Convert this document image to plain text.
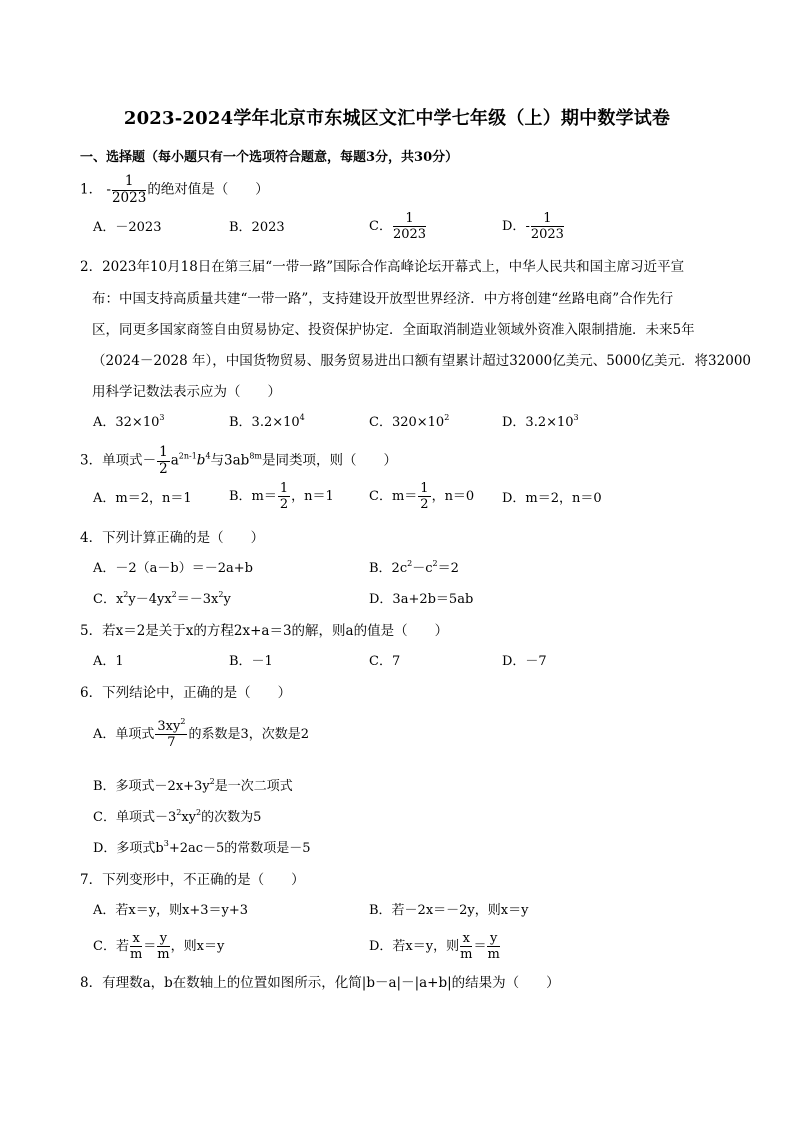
2023-2024学年北京市东城区文汇中学七年级（上）期中数学试卷
一、选择题（每小题只有一个选项符合题意，每题3分，共30分）
1． - $\frac{1}{2023}$ 的绝对值是（　　）
A．－2023	B．2023	C． $\frac{1}{2023}$	D．- $\frac{1}{2023}$
2．2023年10月18日在第三届“一带一路”国际合作高峰论坛开幕式上，中华人民共和国主席习近平宣
布：中国支持高质量共建“一带一路”，支持建设开放型世界经济．中方将创建“丝路电商”合作先行
区，同更多国家商签自由贸易协定、投资保护协定．全面取消制造业领域外资准入限制措施．未来5年
（2024－2028 年），中国货物贸易、服务贸易进出口额有望累计超过32000亿美元、5000亿美元．将32000
用科学记数法表示应为（　　）
A．$32\times 10^3$	B．$3.2\times 10^4$	C．$320\times 10^2$	D．$3.2\times 10^3$
3．单项式－ $\frac{1}{2} a^{2n-1}b^4$与$3ab^{8m}$是同类项，则（　　）
A．m＝2，n＝1	B．$m= \frac{1}{2}$ ，n＝1	C．$m= \frac{1}{2}$ ，n＝0 D．m＝2，n＝0
4．下列计算正确的是（　　）
A．－2（a－b）＝－2a+b	B．$2c^2-c^2=2$
C．$x^2y-4yx^2=-3x^2y$	D．3a+2b＝5ab
5．若x＝2是关于x的方程2x+a＝3的解，则a的值是（　　）
A．1	B．－1	C．7	D．－7
6．下列结论中，正确的是（　　）
A．单项式 $\frac{3xy^2}{7}$ 的系数是3，次数是2
B．多项式$-2x+3y^2$是一次二项式
C．单项式$-3^2xy^2$的次数为5
D．多项式$b^3+2ac-5$的常数项是－5
7．下列变形中，不正确的是（　　）
A．若x＝y，则x+3＝y+3	B．若－2x＝－2y，则x＝y
C．若 $\frac{x}{m} = \frac{y}{m}$ ，则x＝y	D．若x＝y，则 $\frac{x}{m} = \frac{y}{m}$
8．有理数a，b在数轴上的位置如图所示，化简|b－a|－|a+b|的结果为（　　）
